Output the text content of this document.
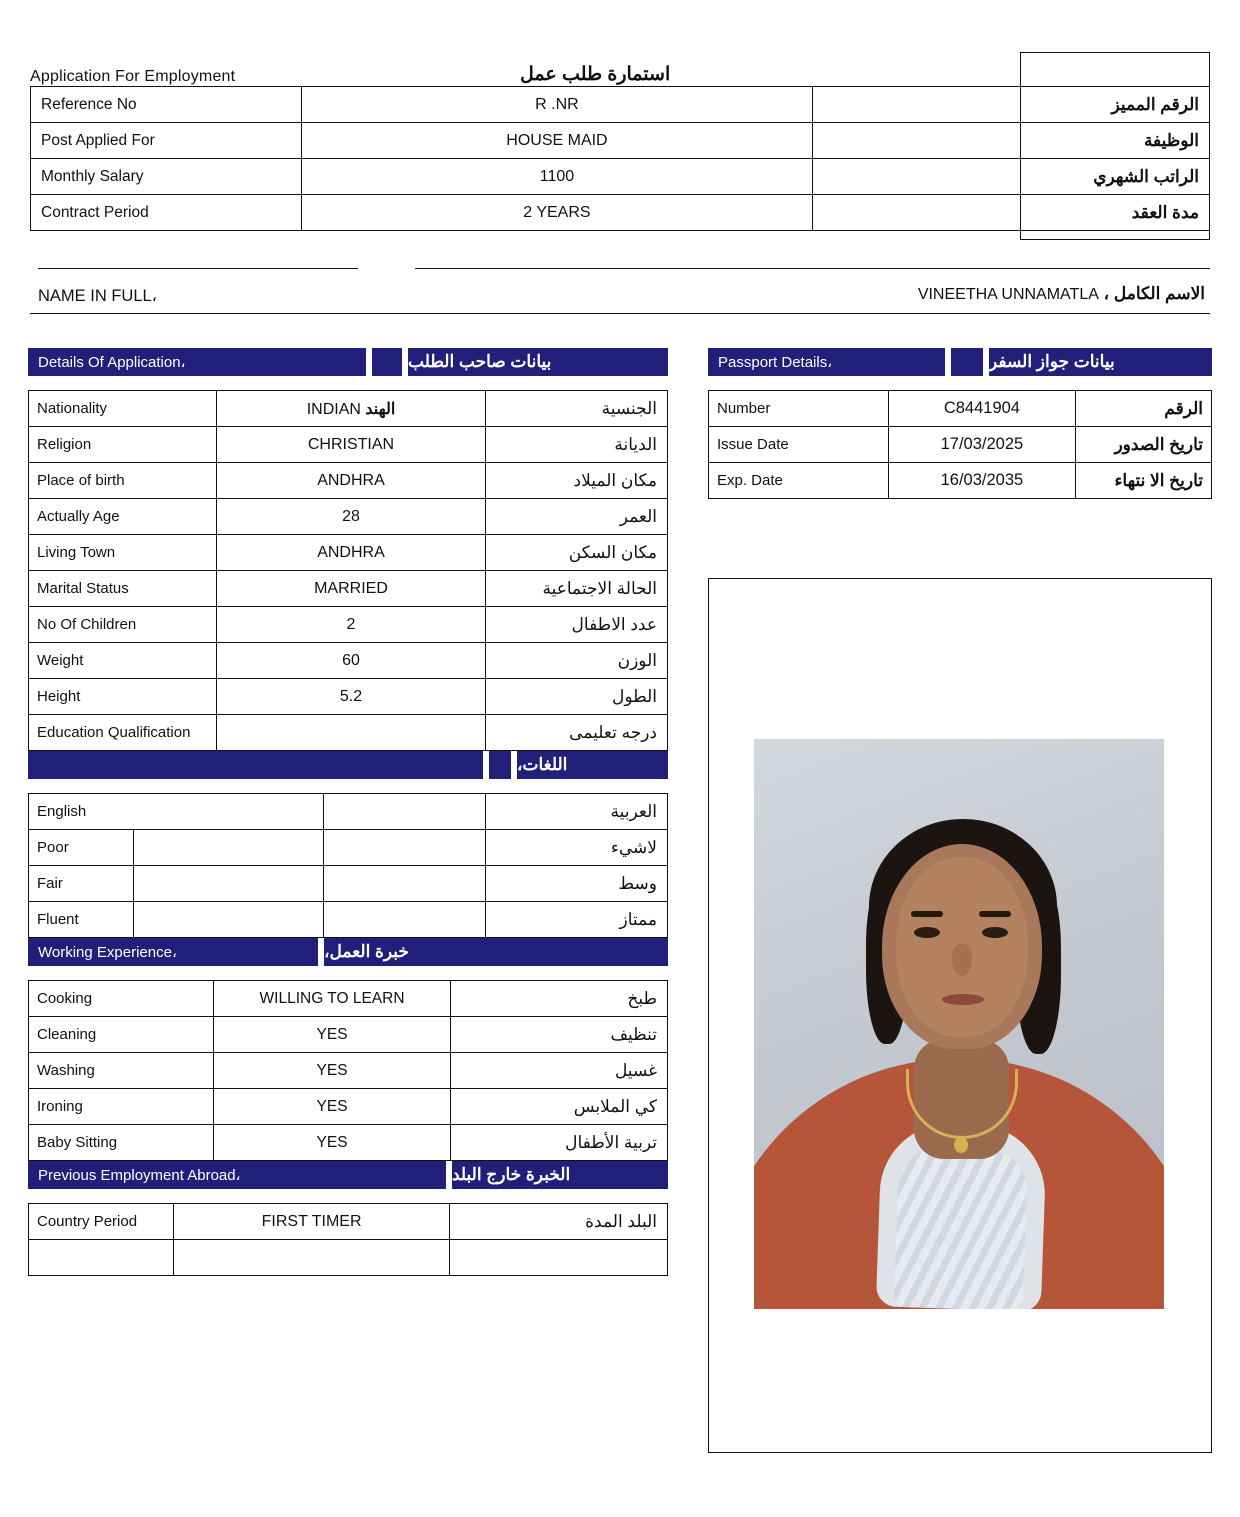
Application For Employment	استمارة طلب عمل
Reference No	R .NR	الرقم المميز
Post Applied For	HOUSE MAID	الوظيفة
Monthly Salary	1100	الراتب الشهري
Contract Period	2 YEARS	مدة العقد
NAME IN FULL،	الاسم الكامل ، VINEETHA UNNAMATLA
Details Of Application،	بيانات صاحب الطلب
Nationality	INDIAN الهند	الجنسية
Religion	CHRISTIAN	الديانة
Place of birth	ANDHRA	مكان الميلاد
Actually Age	28	العمر
Living Town	ANDHRA	مكان السكن
Marital Status	MARRIED	الحالة الاجتماعية
No Of Children	2	عدد الاطفال
Weight	60	الوزن
Height	5.2	الطول
Education Qualification		درجه تعليمى
اللغات،
English			العربية
Poor			لاشيء
Fair			وسط
Fluent			ممتاز
Working Experience،	خبرة العمل،
Cooking	WILLING TO LEARN	طبخ
Cleaning	YES	تنظيف
Washing	YES	غسيل
Ironing	YES	كي الملابس
Baby Sitting	YES	تربية الأطفال
Previous Employment Abroad،	الخبرة خارج البلد
Country Period	FIRST TIMER	البلد المدة

Passport Details،	بيانات جواز السفر
Number	C8441904	الرقم
Issue Date	17/03/2025	تاريخ الصدور
Exp. Date	16/03/2035	تاريخ الا نتهاء
